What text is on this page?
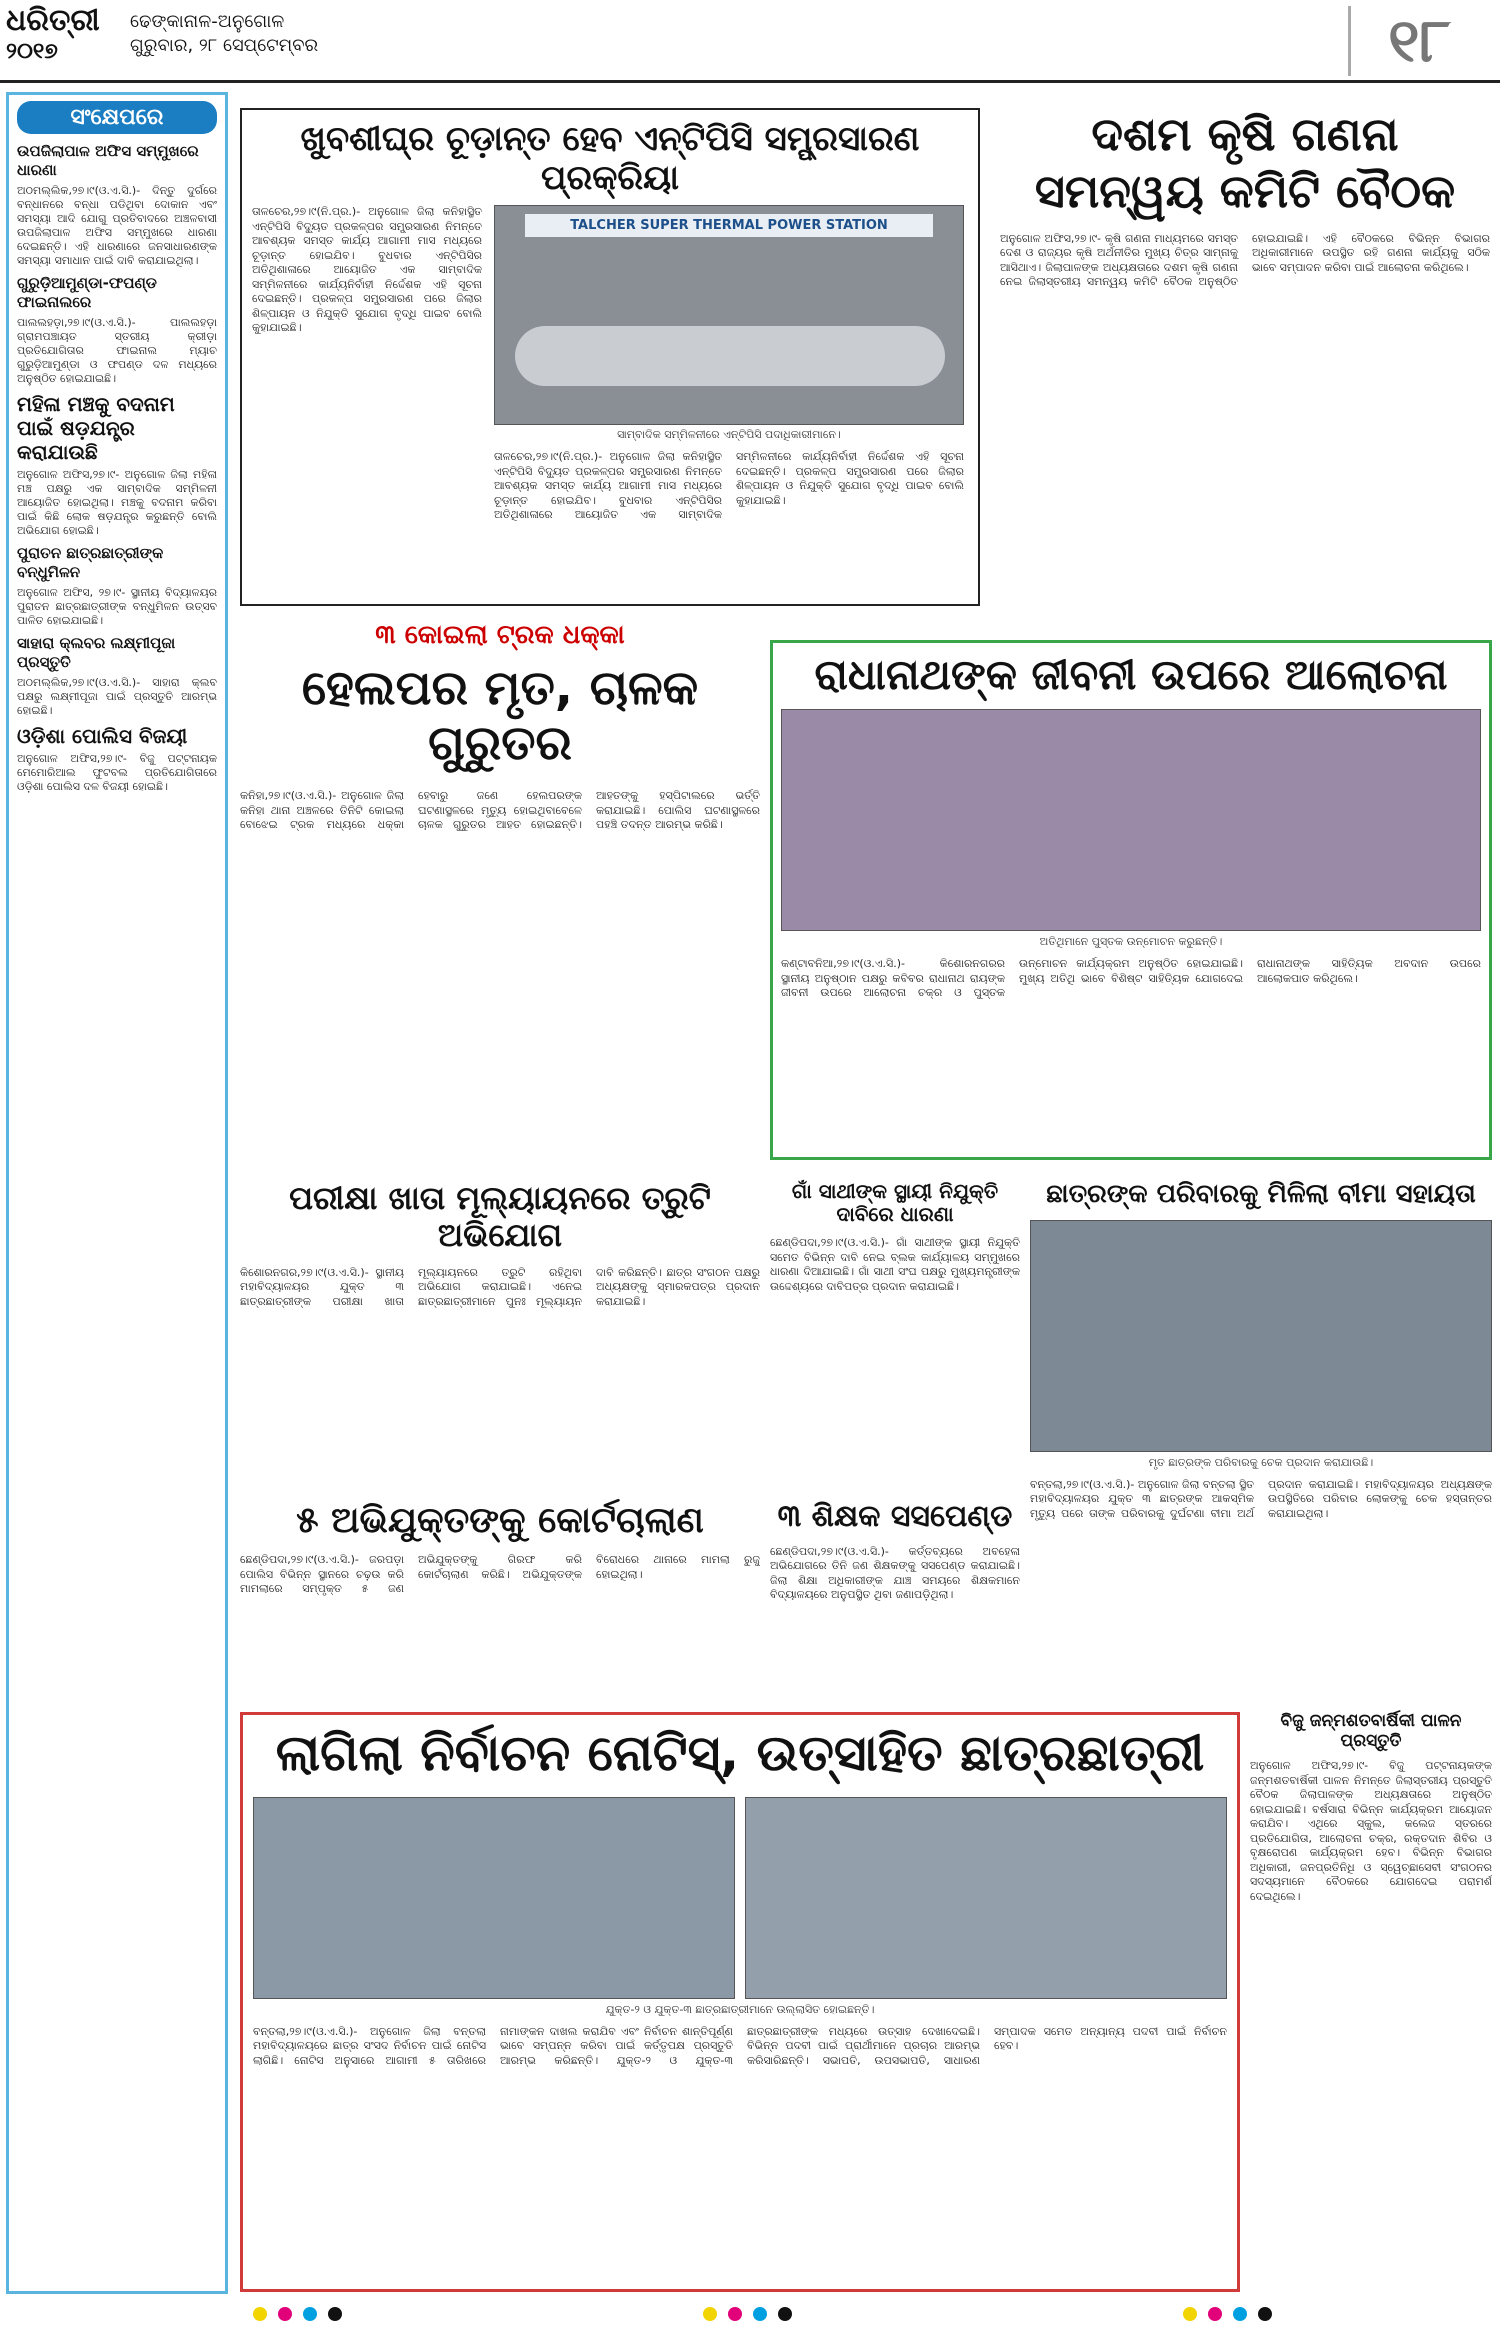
ଧରିତ୍ରୀ
୨୦୧୭
ଢେଙ୍କାନାଳ-ଅନୁଗୋଳ
ଗୁରୁବାର, ୨୮ ସେପ୍ଟେମ୍ବର	୧୮
ସଂକ୍ଷେପରେ
ଉପଜିଲାପାଳ ଅଫିସ ସମ୍ମୁଖରେ ଧାରଣା
ଅଠମଲ୍ଲିକ,୨୭।୯(ଓ.ଏ.ସି.)- ଦିନ୍ତୁ ଦୁର୍ଗରେ ବନ୍ଧାନରେ ବନ୍ଧା ପଡିଥିବା ଦୋକାନ ଏବଂ ସମସ୍ୟା ଆଦି ଯୋଗୁ ପ୍ରତିବାଦରେ ଅଞ୍ଚଳବାସୀ ଉପଜିଲାପାଳ ଅଫିସ ସମ୍ମୁଖରେ ଧାରଣା ଦେଇଛନ୍ତି। ଏହି ଧାରଣାରେ ଜନସାଧାରଣଙ୍କ ସମସ୍ୟା ସମାଧାନ ପାଇଁ ଦାବି କରାଯାଇଥିଲା।
ଗୁରୁଡ଼ିଆମୁଣ୍ଡା-ଫପଣ୍ଡ ଫାଇନାଲରେ
ପାଲଲହଡ଼ା,୨୭।୯(ଓ.ଏ.ସି.)- ପାଲଲହଡ଼ା ଗ୍ରାମପଞ୍ଚାୟତ ସ୍ତରୀୟ କ୍ରୀଡ଼ା ପ୍ରତିଯୋଗିତାର ଫାଇନାଲ ମ୍ୟାଚ ଗୁରୁଡ଼ିଆମୁଣ୍ଡା ଓ ଫପଣ୍ଡ ଦଳ ମଧ୍ୟରେ ଅନୁଷ୍ଠିତ ହୋଇଯାଇଛି।
ମହିଳା ମଞ୍ଚକୁ ବଦନାମ ପାଇଁ ଷଡ଼ଯନ୍ତ୍ର କରାଯାଉଛି
ଅନୁଗୋଳ ଅଫିସ,୨୭।୯- ଅନୁଗୋଳ ଜିଲା ମହିଳା ମଞ୍ଚ ପକ୍ଷରୁ ଏକ ସାମ୍ବାଦିକ ସମ୍ମିଳନୀ ଆୟୋଜିତ ହୋଇଥିଲା। ମଞ୍ଚକୁ ବଦନାମ କରିବା ପାଇଁ କିଛି ଲୋକ ଷଡ଼ଯନ୍ତ୍ର କରୁଛନ୍ତି ବୋଲି ଅଭିଯୋଗ ହୋଇଛି।
ପୁରାତନ ଛାତ୍ରଛାତ୍ରୀଙ୍କ ବନ୍ଧୁମିଳନ
ଅନୁଗୋଳ ଅଫିସ, ୨୭।୯- ସ୍ଥାନୀୟ ବିଦ୍ୟାଳୟର ପୁରାତନ ଛାତ୍ରଛାତ୍ରୀଙ୍କ ବନ୍ଧୁମିଳନ ଉତ୍ସବ ପାଳିତ ହୋଇଯାଇଛି।
ସାହାରା କ୍ଲବର ଲକ୍ଷ୍ମୀପୂଜା ପ୍ରସ୍ତୁତି
ଅଠମଲ୍ଲିକ,୨୭।୯(ଓ.ଏ.ସି.)- ସାହାରା କ୍ଲବ ପକ୍ଷରୁ ଲକ୍ଷ୍ମୀପୂଜା ପାଇଁ ପ୍ରସ୍ତୁତି ଆରମ୍ଭ ହୋଇଛି।
ଓଡ଼ିଶା ପୋଲିସ ବିଜୟୀ
ଅନୁଗୋଳ ଅଫିସ,୨୭।୯- ବିଜୁ ପଟ୍ଟନାୟକ ମେମୋରିଆଲ ଫୁଟବଲ ପ୍ରତିଯୋଗିତାରେ ଓଡ଼ିଶା ପୋଲିସ ଦଳ ବିଜୟୀ ହୋଇଛି।
ଖୁବଶୀଘ୍ର ଚୂଡ଼ାନ୍ତ ହେବ ଏନ୍‌ଟିପିସି ସମ୍ପ୍ରସାରଣ ପ୍ରକ୍ରିୟା
ତାଳଚେର,୨୭।୯(ନି.ପ୍ର.)- ଅନୁଗୋଳ ଜିଲା କନିହାସ୍ଥିତ ଏନ୍‌ଟିପିସି ବିଦ୍ୟୁତ ପ୍ରକଳ୍ପର ସମ୍ପ୍ରସାରଣ ନିମନ୍ତେ ଆବଶ୍ୟକ ସମସ୍ତ କାର୍ଯ୍ୟ ଆଗାମୀ ମାସ ମଧ୍ୟରେ ଚୂଡ଼ାନ୍ତ ହୋଇଯିବ। ବୁଧବାର ଏନ୍‌ଟିପିସିର ଅତିଥିଶାଳାରେ ଆୟୋଜିତ ଏକ ସାମ୍ବାଦିକ ସମ୍ମିଳନୀରେ କାର୍ଯ୍ୟନିର୍ବାହୀ ନିର୍ଦ୍ଦେଶକ ଏହି ସୂଚନା ଦେଇଛନ୍ତି। ପ୍ରକଳ୍ପ ସମ୍ପ୍ରସାରଣ ପରେ ଜିଲାର ଶିଳ୍ପାୟନ ଓ ନିଯୁକ୍ତି ସୁଯୋଗ ବୃଦ୍ଧି ପାଇବ ବୋଲି କୁହାଯାଇଛି।
TALCHER SUPER THERMAL POWER STATION
ସାମ୍ବାଦିକ ସମ୍ମିଳନୀରେ ଏନ୍‌ଟିପିସି ପଦାଧିକାରୀମାନେ।
ତାଳଚେର,୨୭।୯(ନି.ପ୍ର.)- ଅନୁଗୋଳ ଜିଲା କନିହାସ୍ଥିତ ଏନ୍‌ଟିପିସି ବିଦ୍ୟୁତ ପ୍ରକଳ୍ପର ସମ୍ପ୍ରସାରଣ ନିମନ୍ତେ ଆବଶ୍ୟକ ସମସ୍ତ କାର୍ଯ୍ୟ ଆଗାମୀ ମାସ ମଧ୍ୟରେ ଚୂଡ଼ାନ୍ତ ହୋଇଯିବ। ବୁଧବାର ଏନ୍‌ଟିପିସିର ଅତିଥିଶାଳାରେ ଆୟୋଜିତ ଏକ ସାମ୍ବାଦିକ ସମ୍ମିଳନୀରେ କାର୍ଯ୍ୟନିର୍ବାହୀ ନିର୍ଦ୍ଦେଶକ ଏହି ସୂଚନା ଦେଇଛନ୍ତି। ପ୍ରକଳ୍ପ ସମ୍ପ୍ରସାରଣ ପରେ ଜିଲାର ଶିଳ୍ପାୟନ ଓ ନିଯୁକ୍ତି ସୁଯୋଗ ବୃଦ୍ଧି ପାଇବ ବୋଲି କୁହାଯାଇଛି।
ଦଶମ କୃଷି ଗଣନା
ସମନ୍ୱୟ କମିଟି ବୈଠକ
ଅନୁଗୋଳ ଅଫିସ,୨୭।୯- କୃଷି ଗଣନା ମାଧ୍ୟମରେ ସମସ୍ତ ଦେଶ ଓ ରାଜ୍ୟର କୃଷି ଅର୍ଥନୀତିର ମୁଖ୍ୟ ଚିତ୍ର ସାମ୍ନାକୁ ଆସିଥାଏ। ଜିଲାପାଳଙ୍କ ଅଧ୍ୟକ୍ଷତାରେ ଦଶମ କୃଷି ଗଣନା ନେଇ ଜିଲାସ୍ତରୀୟ ସମନ୍ୱୟ କମିଟି ବୈଠକ ଅନୁଷ୍ଠିତ ହୋଇଯାଇଛି। ଏହି ବୈଠକରେ ବିଭିନ୍ନ ବିଭାଗର ଅଧିକାରୀମାନେ ଉପସ୍ଥିତ ରହି ଗଣନା କାର୍ଯ୍ୟକୁ ସଠିକ ଭାବେ ସମ୍ପାଦନ କରିବା ପାଇଁ ଆଲୋଚନା କରିଥିଲେ।
୩ କୋଇଲା ଟ୍ରକ ଧକ୍କା
ହେଲପର ମୃତ, ଚାଳକ ଗୁରୁତର
କନିହା,୨୭।୯(ଓ.ଏ.ସି.)- ଅନୁଗୋଳ ଜିଲା କନିହା ଥାନା ଅଞ୍ଚଳରେ ତିନିଟି କୋଇଲା ବୋଝେଇ ଟ୍ରକ ମଧ୍ୟରେ ଧକ୍କା ହେବାରୁ ଜଣେ ହେଲପରଙ୍କ ଘଟଣାସ୍ଥଳରେ ମୃତ୍ୟୁ ହୋଇଥିବାବେଳେ ଚାଳକ ଗୁରୁତର ଆହତ ହୋଇଛନ୍ତି। ଆହତଙ୍କୁ ହସ୍ପିଟାଲରେ ଭର୍ତ୍ତି କରାଯାଇଛି। ପୋଲିସ ଘଟଣାସ୍ଥଳରେ ପହଞ୍ଚି ତଦନ୍ତ ଆରମ୍ଭ କରିଛି।
ରାଧାନାଥଙ୍କ ଜୀବନୀ ଉପରେ ଆଲୋଚନା
ଅତିଥିମାନେ ପୁସ୍ତକ ଉନ୍ମୋଚନ କରୁଛନ୍ତି।
କଣ୍ଟାବନିଆ,୨୭।୯(ଓ.ଏ.ସି.)- କିଶୋରନଗରର ସ୍ଥାନୀୟ ଅନୁଷ୍ଠାନ ପକ୍ଷରୁ କବିବର ରାଧାନାଥ ରାୟଙ୍କ ଜୀବନୀ ଉପରେ ଆଲୋଚନା ଚକ୍ର ଓ ପୁସ୍ତକ ଉନ୍ମୋଚନ କାର୍ଯ୍ୟକ୍ରମ ଅନୁଷ୍ଠିତ ହୋଇଯାଇଛି। ମୁଖ୍ୟ ଅତିଥି ଭାବେ ବିଶିଷ୍ଟ ସାହିତ୍ୟିକ ଯୋଗଦେଇ ରାଧାନାଥଙ୍କ ସାହିତ୍ୟିକ ଅବଦାନ ଉପରେ ଆଲୋକପାତ କରିଥିଲେ।
ପରୀକ୍ଷା ଖାତା ମୂଲ୍ୟାୟନରେ ତ୍ରୁଟି ଅଭିଯୋଗ
କିଶୋରନଗର,୨୭।୯(ଓ.ଏ.ସି.)- ସ୍ଥାନୀୟ ମହାବିଦ୍ୟାଳୟର ଯୁକ୍ତ ୩ ଛାତ୍ରଛାତ୍ରୀଙ୍କ ପରୀକ୍ଷା ଖାତା ମୂଲ୍ୟାୟନରେ ତ୍ରୁଟି ରହିଥିବା ଅଭିଯୋଗ କରାଯାଇଛି। ଏନେଇ ଛାତ୍ରଛାତ୍ରୀମାନେ ପୁନଃ ମୂଲ୍ୟାୟନ ଦାବି କରିଛନ୍ତି। ଛାତ୍ର ସଂଗଠନ ପକ୍ଷରୁ ଅଧ୍ୟକ୍ଷଙ୍କୁ ସ୍ମାରକପତ୍ର ପ୍ରଦାନ କରାଯାଇଛି।
ଗାଁ ସାଥୀଙ୍କ ସ୍ଥାୟୀ ନିଯୁକ୍ତି
ଦାବିରେ ଧାରଣା
ଛେଣ୍ଡିପଦା,୨୭।୯(ଓ.ଏ.ସି.)- ଗାଁ ସାଥୀଙ୍କ ସ୍ଥାୟୀ ନିଯୁକ୍ତି ସମେତ ବିଭିନ୍ନ ଦାବି ନେଇ ବ୍ଲକ କାର୍ଯ୍ୟାଳୟ ସମ୍ମୁଖରେ ଧାରଣା ଦିଆଯାଇଛି। ଗାଁ ସାଥୀ ସଂଘ ପକ୍ଷରୁ ମୁଖ୍ୟମନ୍ତ୍ରୀଙ୍କ ଉଦ୍ଦେଶ୍ୟରେ ଦାବିପତ୍ର ପ୍ରଦାନ କରାଯାଇଛି।
ଛାତ୍ରଙ୍କ ପରିବାରକୁ ମିଳିଲା ବୀମା ସହାୟତା
ମୃତ ଛାତ୍ରଙ୍କ ପରିବାରକୁ ଚେକ ପ୍ରଦାନ କରାଯାଉଛି।
ବନ୍ତଲା,୨୭।୯(ଓ.ଏ.ସି.)- ଅନୁଗୋଳ ଜିଲା ବନ୍ତଲା ସ୍ଥିତ ମହାବିଦ୍ୟାଳୟର ଯୁକ୍ତ ୩ ଛାତ୍ରଙ୍କ ଆକସ୍ମିକ ମୃତ୍ୟୁ ପରେ ତାଙ୍କ ପରିବାରକୁ ଦୁର୍ଘଟଣା ବୀମା ଅର୍ଥ ପ୍ରଦାନ କରାଯାଇଛି। ମହାବିଦ୍ୟାଳୟର ଅଧ୍ୟକ୍ଷଙ୍କ ଉପସ୍ଥିତିରେ ପରିବାର ଲୋକଙ୍କୁ ଚେକ ହସ୍ତାନ୍ତର କରାଯାଇଥିଲା।
୫ ଅଭିଯୁକ୍ତଙ୍କୁ କୋର୍ଟଚାଲାଣ
ଛେଣ୍ଡିପଦା,୨୭।୯(ଓ.ଏ.ସି.)- ଜରପଡ଼ା ପୋଲିସ ବିଭିନ୍ନ ସ୍ଥାନରେ ଚଢ଼ଉ କରି ମାମଲାରେ ସମ୍ପୃକ୍ତ ୫ ଜଣ ଅଭିଯୁକ୍ତଙ୍କୁ ଗିରଫ କରି କୋର୍ଟଚାଲାଣ କରିଛି। ଅଭିଯୁକ୍ତଙ୍କ ବିରୋଧରେ ଥାନାରେ ମାମଲା ରୁଜୁ ହୋଇଥିଲା।
୩ ଶିକ୍ଷକ ସସପେଣ୍ଡ
ଛେଣ୍ଡିପଦା,୨୭।୯(ଓ.ଏ.ସି.)- କର୍ତ୍ତବ୍ୟରେ ଅବହେଳା ଅଭିଯୋଗରେ ତିନି ଜଣ ଶିକ୍ଷକଙ୍କୁ ସସପେଣ୍ଡ କରାଯାଇଛି। ଜିଲା ଶିକ୍ଷା ଅଧିକାରୀଙ୍କ ଯାଞ୍ଚ ସମୟରେ ଶିକ୍ଷକମାନେ ବିଦ୍ୟାଳୟରେ ଅନୁପସ୍ଥିତ ଥିବା ଜଣାପଡ଼ିଥିଲା।
ଲାଗିଲା ନିର୍ବାଚନ ନୋଟିସ୍, ଉତ୍ସାହିତ ଛାତ୍ରଛାତ୍ରୀ
ଯୁକ୍ତ-୨ ଓ ଯୁକ୍ତ-୩ ଛାତ୍ରଛାତ୍ରୀମାନେ ଉଲ୍ଲାସିତ ହୋଇଛନ୍ତି।
ବନ୍ତଲା,୨୭।୯(ଓ.ଏ.ସି.)- ଅନୁଗୋଳ ଜିଲା ବନ୍ତଲା ମହାବିଦ୍ୟାଳୟରେ ଛାତ୍ର ସଂସଦ ନିର୍ବାଚନ ପାଇଁ ନୋଟିସ ଲାଗିଛି। ନୋଟିସ ଅନୁସାରେ ଆଗାମୀ ୫ ତାରିଖରେ ନାମାଙ୍କନ ଦାଖଲ କରାଯିବ ଏବଂ ନିର୍ବାଚନ ଶାନ୍ତିପୂର୍ଣ୍ଣ ଭାବେ ସମ୍ପନ୍ନ କରିବା ପାଇଁ କର୍ତ୍ତୃପକ୍ଷ ପ୍ରସ୍ତୁତି ଆରମ୍ଭ କରିଛନ୍ତି। ଯୁକ୍ତ-୨ ଓ ଯୁକ୍ତ-୩ ଛାତ୍ରଛାତ୍ରୀଙ୍କ ମଧ୍ୟରେ ଉତ୍ସାହ ଦେଖାଦେଇଛି। ବିଭିନ୍ନ ପଦବୀ ପାଇଁ ପ୍ରାର୍ଥୀମାନେ ପ୍ରଚାର ଆରମ୍ଭ କରିସାରିଛନ୍ତି। ସଭାପତି, ଉପସଭାପତି, ସାଧାରଣ ସମ୍ପାଦକ ସମେତ ଅନ୍ୟାନ୍ୟ ପଦବୀ ପାଇଁ ନିର୍ବାଚନ ହେବ।
ବିଜୁ ଜନ୍ମଶତବାର୍ଷିକୀ ପାଳନ ପ୍ରସ୍ତୁତି
ଅନୁଗୋଳ ଅଫିସ,୨୭।୯- ବିଜୁ ପଟ୍ଟନାୟକଙ୍କ ଜନ୍ମଶତବାର୍ଷିକୀ ପାଳନ ନିମନ୍ତେ ଜିଲାସ୍ତରୀୟ ପ୍ରସ୍ତୁତି ବୈଠକ ଜିଲାପାଳଙ୍କ ଅଧ୍ୟକ୍ଷତାରେ ଅନୁଷ୍ଠିତ ହୋଇଯାଇଛି। ବର୍ଷସାରା ବିଭିନ୍ନ କାର୍ଯ୍ୟକ୍ରମ ଆୟୋଜନ କରାଯିବ। ଏଥିରେ ସ୍କୁଲ, କଲେଜ ସ୍ତରରେ ପ୍ରତିଯୋଗିତା, ଆଲୋଚନା ଚକ୍ର, ରକ୍ତଦାନ ଶିବିର ଓ ବୃକ୍ଷରୋପଣ କାର୍ଯ୍ୟକ୍ରମ ହେବ। ବିଭିନ୍ନ ବିଭାଗର ଅଧିକାରୀ, ଜନପ୍ରତିନିଧି ଓ ସ୍ୱେଚ୍ଛାସେବୀ ସଂଗଠନର ସଦସ୍ୟମାନେ ବୈଠକରେ ଯୋଗଦେଇ ପରାମର୍ଶ ଦେଇଥିଲେ।
